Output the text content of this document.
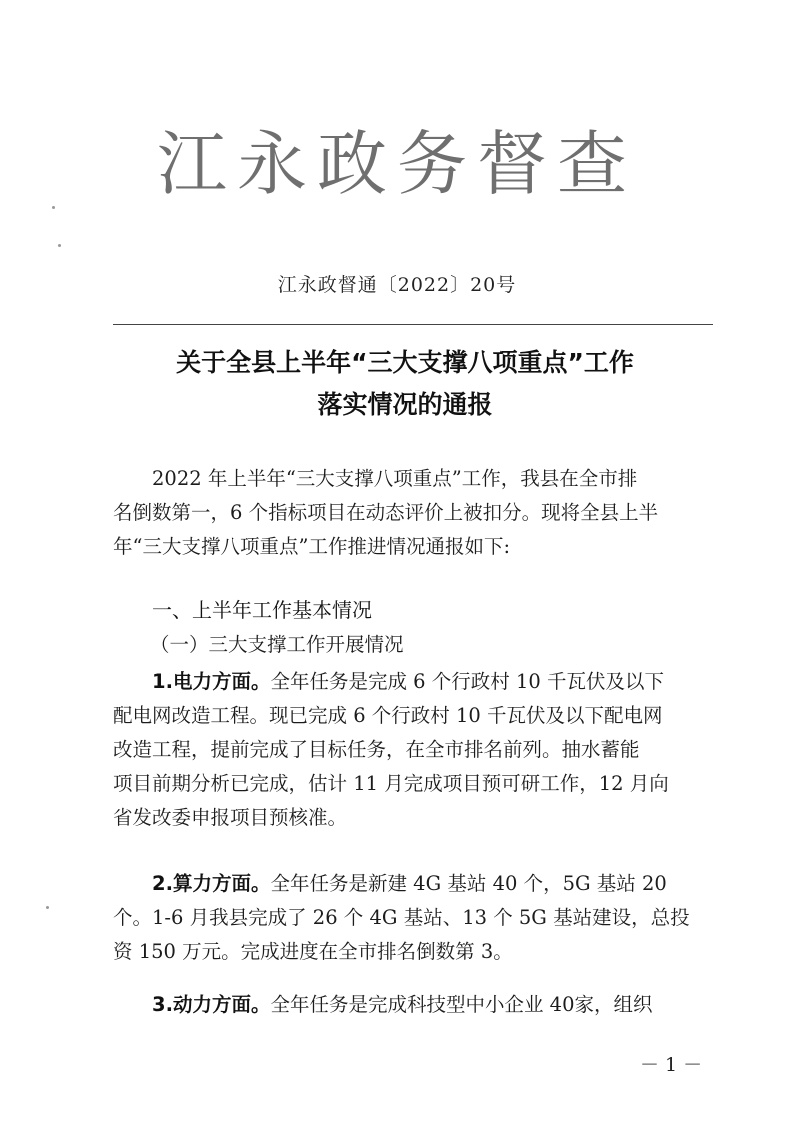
江永政务督查
江永政督通〔2022〕20号
关于全县上半年“三大支撑八项重点”工作
落实情况的通报

2022 年上半年“三大支撑八项重点”工作，我县在全市排

名倒数第一，6 个指标项目在动态评价上被扣分。现将全县上半

年“三大支撑八项重点”工作推进情况通报如下:

一、上半年工作基本情况
（一）三大支撑工作开展情况

1.电力方面。全年任务是完成 6 个行政村 10 千瓦伏及以下

配电网改造工程。现已完成 6 个行政村 10 千瓦伏及以下配电网

改造工程，提前完成了目标任务，在全市排名前列。抽水蓄能

项目前期分析已完成，估计 11 月完成项目预可研工作，12 月向

省发改委申报项目预核准。

2.算力方面。全年任务是新建 4G 基站 40 个，5G 基站 20

个。1-6 月我县完成了 26 个 4G 基站、13 个 5G 基站建设，总投

资 150 万元。完成进度在全市排名倒数第 3。

3.动力方面。全年任务是完成科技型中小企业 40家，组织

－ 1 －
